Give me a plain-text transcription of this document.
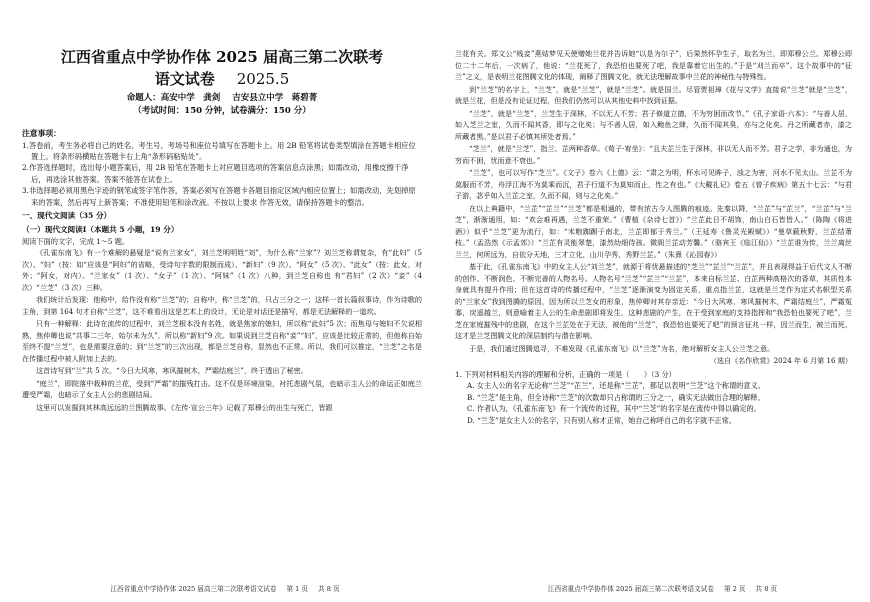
江西省重点中学协作体 2025 届高三第二次联考

语文试卷 2025.5

命题人：高安中学　龚剑 吉安县立中学　蒋碧菁
（考试时间：150 分钟，试卷满分：150 分）
注意事项：

1.答卷前，考生务必将自己的姓名、考生号、考场号和座位号填写在答题卡上。用 2B 铅笔将试卷类型填涂在答题卡相应位置上。将条形码横贴在答题卡右上角“条形码粘贴处”。

2.作答选择题时，选出每小题答案后，用 2B 铅笔在答题卡上对应题目选项的答案信息点涂黑；如需改动，用橡皮擦干净后，再选涂其他答案。答案不能答在试卷上。

3.非选择题必须用黑色字迹的钢笔或签字笔作答，答案必须写在答题卡各题目指定区域内相应位置上；如需改动，先划掉原来的答案，然后再写上新答案；不准使用铅笔和涂改液。不按以上要求 作答无效，请保持答题卡的整洁。

一、现代文阅读（35 分）
（一）现代文阅读Ⅰ（本题共 5 小题，19 分）

阅读下面的文字，完成 1～5 题。

《孔雀东南飞》有一个难解的悬疑是“说有兰家女”，刘兰芝明明姓“刘”，为什么称“兰家”？刘兰芝称谓复杂，有“此妇”（5 次）、“妇”（按：如“应该是“阿妇”的省略，受诗句字数的限制而成）、“新妇”（9 次）、“阿女”（5 次）、“此女”（按：此女，对外；“阿女，对内）、“兰家女”（1 次）、“女子”（1 次）、“阿妹”（1 次）八种，到兰芝自称也 有“君妇”（2 次）“妾”（4 次）“兰芝”（3 次）三种。

我们统计后发现：他称中，给作没有称“兰芝”的；自称中，称“兰芝”的，只占三分之一；这样一首长篇叙事诗，作为诗歌的主角，到第 164 句才自称“兰芝”，这不难看出这是艺术上的设计，无论是对话还是描写，都是无法解释的一道坎。

只有一种解释：此诗在流传的过程中，刘兰芝根本没有名姓，就是焦家的媳妇，所以称“此妇”5 次；而焦母与媳妇不欠说相熟，焦仲卿也说“共事二三年，始尔未为久”，所以称“新妇”9 次。如果说到兰芝自称“妾”“妇”，应该是比较正常的，但他称自始至终不提“兰芝”，也是需要注意的；到“兰芝”的三次出现，都是兰芝自称，显然也不正常。所以，我们可以推定，“兰芝”之名是在传播过程中被人附加上去的。

这首诗写到“兰”共 5 次。“今日大风寒，寒风摧树木，严霜结庭兰”，终于透出了秘密。

“庭兰”，即院落中栽种的兰花，受到“严霜”的摧残打击。这不仅是环境渲染，衬托悲剧气氛，也暗示主人公的命运正如庭兰遭受严霜，也暗示了女主人公的悲剧结局。

这里可以发掘到其林高远远的兰图腾故事。《左传·宣公三年》记载了郑穆公的出生与死亡，皆跟

江西省重点中学协作体 2025 届高三第二次联考语文试卷 第 1 页 共 8 页

兰花有关。郑文公“贱妾”燕姞梦见天使赠她兰花并告诉她“以是为尔子”，后果然怀孕生子，取名为兰，即郑穆公兰。郑穆公即位二十二年后，一次病了，他说：“兰花死了，我恐怕也要死了吧，我是靠着它出生的。”于是“刈兰而卒”。这个故事中的“征兰”之义，是表明兰花图腾文化的体现，阐释了图腾文化，就无法理解故事中兰花的神秘性与特殊性。

到“兰芝”的名字上，“兰芝”，就是“兰芝”，就是“兰芝”。就是国兰。尽管贾祖璋《花与文学》直接说“兰芝”就是“兰芝”，就是兰花，但是没有论证过程，但我们仍然可以从其他史料中找到证据。

“兰芝”，就是“兰芝”，兰芝生于深林，不以无人不芳；君子修道立德，不为穷困而改节。”《孔子家语·六本》：“与善人居，如入芝兰之室，久而不闻其香，即与之化矣；与不善人居，如入鲍鱼之肆，久而不闻其臭，亦与之化矣。丹之所藏者赤，漆之所藏者黑。”是以君子必慎其所处者焉。”

“芝兰”，就是“兰芝”，指兰、芷两种香草。《荀子·宥坐》：“且夫芷兰生于深林，非以无人而不芳。君子之学，非为通也，为穷而不困，忧而意不衰也。”

“兰芝”，也可以写作“芝兰”。《文子》卷六《上德》云：“肃之为明，杯水可见眸子，浊之为害，河水不见太山。兰芷不为莫服而不芳，舟浮江海不为莫乘而沉，君子行道不为莫知而止，性之有也。”《大戴礼记》卷五《曾子疾病》第五十七云：“与君子游，苾乎如入兰芷之室，久而不闻，则与之化矣。”

在以上典籍中，“兰芷”“芷兰”“兰芝”都是相通的，带有浓古今人图腾的痕迹。先秦以降，“兰芷”与“芷兰”，“兰芷”与“兰芝”，渐渐通用，如：“欢会难再遇，兰芝不重荣。”（曹植《杂诗七首》）“兰芷此日不胡饰，南山白石皆皆人。”（陈陶《将进酒》）似乎“兰芝”更为流行，如：“米粮踟蹰于南北，兰芷即郁于秀兰。”（王延寿《鲁灵光殿赋》）“曼草蔽秋野，兰芷结萧枝。”（盂浩然《示孟郊》）“兰芷有灵能翠楚，漆然幼细侍孩。微阁兰芷动芳馨。”（骆宾王《临江仙》）“兰芷谁为传，兰兰离丝兰兰，何所远为，自依分天地，三才立化，山川孕秀，秀野兰芷。”（朱熹《沁园春》）

基于此，《孔雀东南飞》中的女主人公“刘兰芝”，就源于将忧悬描述的“芝兰”“芷兰”“兰芷”，并且表现得益于后代文人不断的创作、不断润色、不断完善的人物名号。人物名号“兰芝”“芷兰”“兰芷”，本来自标兰芷、白芷两种高格次的香草，其质性本身就具有提升作用；但在这首诗的传播过程中，“兰芝”逐渐演变为固定关系，重点指兰芷，这就是兰芝作为定式名帜型关系的“兰家女”我到图腾的原因，因为所以兰芝女的形象，焦仲卿对其存亲近：“今日大风寒，寒风摧树木，严霜结庭兰”，严霜冤寡，戾遥越兰，则意喻着主人公的生命悲剧即将发生，这种悲剧的产生，在于受到家庭的支持指挥和“我恐怕也要死了吧”，兰芝在家庭摧残中的悲剧，在这个兰芷处在于无法，被他的“兰芝”，我恐怕也要死了吧”的预言征兆一样，因兰而生，被兰而死，这才是兰芝图腾文化的深层制约与潜在影响。

于是，我们通过图腾追寻，不难发现《孔雀东南飞》以“兰芝”为名，绝对解析女主人公兰芝之意。

（选自《名作欣赏》2024 年 6 月第 16 期）

1. 下列对材料相关内容的理解和分析，正确的一项是（　　）（3 分）

A. 女主人公的名字无论称“兰芝”“芷兰”，还是称“兰芷”，都足以表明“兰芝”这个称谓的意义。

B. “兰芝”是主角，但全诗称“兰芝”的次数却只占称谓的三分之一，确实无法做出合理的解释。

C. 作者认为，《孔雀东南飞》有一个流传的过程，其中“兰芝”的名字是在流传中得以确定的。

D. “兰芝”是女主人公的名字，只有别人称才正常，她自己称呼自己的名字就不正常。

江西省重点中学协作体 2025 届高三第二次联考语文试卷 第 2 页 共 8 页
